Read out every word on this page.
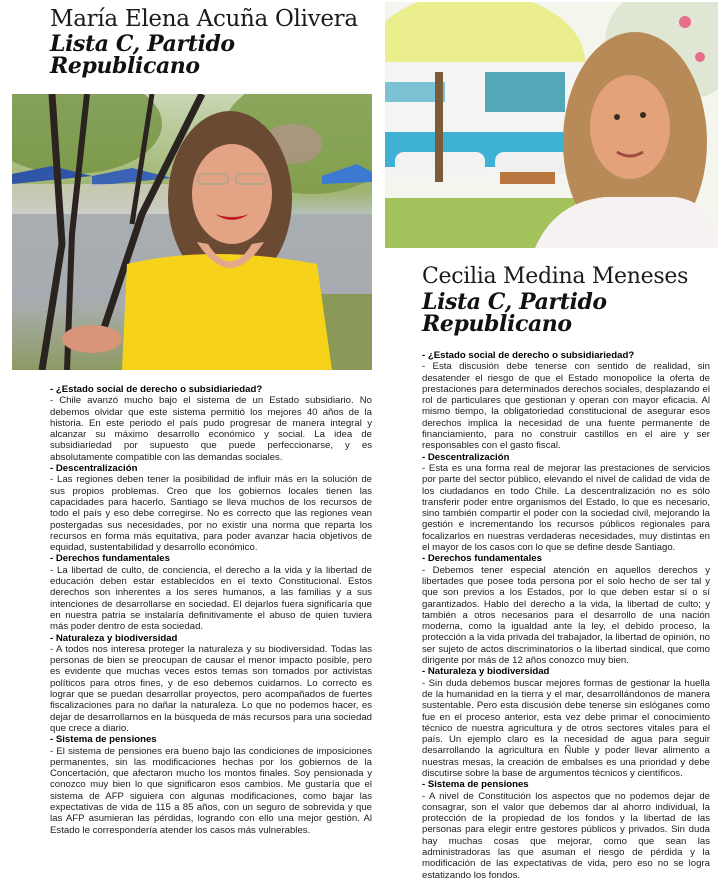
María Elena Acuña Olivera
Lista C, Partido
Republicano
Cecilia Medina Meneses
Lista C, Partido
Republicano
- ¿Estado social de derecho o subsidiariedad?
- Chile avanzó mucho bajo el sistema de un Estado subsidiario. No debemos olvidar que este sistema permitió los mejores 40 años de la historia. En este periodo el país pudo progresar de manera integral y alcanzar su máximo desarrollo económico y social. La idea de subsidiariedad por supuesto que puede perfeccionarse, y es absolutamente compatible con las demandas sociales.
- Descentralización
- Las regiones deben tener la posibilidad de influir más en la solución de sus propios problemas. Creo que los gobiernos locales tienen las capacidades para hacerlo. Santiago se lleva muchos de los recursos de todo el país y eso debe corregirse. No es correcto que las regiones vean postergadas sus necesidades, por no existir una norma que reparta los recursos en forma más equitativa, para poder avanzar hacia objetivos de equidad, sustentabilidad y desarrollo económico.
- Derechos fundamentales
- La libertad de culto, de conciencia, el derecho a la vida y la libertad de educación deben estar establecidos en el texto Constitucional. Estos derechos son inherentes a los seres humanos, a las familias y a sus intenciones de desarrollarse en sociedad. El dejarlos fuera significaría que en nuestra patria se instalaría definitivamente el abuso de quien tuviera más poder dentro de esta sociedad.
- Naturaleza y biodiversidad
- A todos nos interesa proteger la naturaleza y su biodiversidad. Todas las personas de bien se preocupan de causar el menor impacto posible, pero es evidente que muchas veces estos temas son tomados por activistas políticos para otros fines, y de eso debemos cuidarnos. Lo correcto es lograr que se puedan desarrollar proyectos, pero acompañados de fuertes fiscalizaciones para no dañar la naturaleza. Lo que no podemos hacer, es dejar de desarrollarnos en la búsqueda de más recursos para una sociedad que crece a diario.
- Sistema de pensiones
- El sistema de pensiones era bueno bajo las condiciones de imposiciones permanentes, sin las modificaciones hechas por los gobiernos de la Concertación, que afectaron mucho los montos finales. Soy pensionada y conozco muy bien lo que significaron esos cambios. Me gustaría que el sistema de AFP siguiera con algunas modificaciones, como bajar las expectativas de vida de 115 a 85 años, con un seguro de sobrevida y que las AFP asumieran las pérdidas, logrando con ello una mejor gestión. Al Estado le correspondería atender los casos más vulnerables.
- ¿Estado social de derecho o subsidiariedad?
- Esta discusión debe tenerse con sentido de realidad, sin desatender el riesgo de que el Estado monopolice la oferta de prestaciones para determinados derechos sociales, desplazando el rol de particulares que gestionan y operan con mayor eficacia. Al mismo tiempo, la obligatoriedad constitucional de asegurar esos derechos implica la necesidad de una fuente permanente de financiamiento, para no construir castillos en el aire y ser responsables con el gasto fiscal.
- Descentralización
- Esta es una forma real de mejorar las prestaciones de servicios por parte del sector público, elevando el nivel de calidad de vida de los ciudadanos en todo Chile. La descentralización no es sólo transferir poder entre organismos del Estado, lo que es necesario, sino también compartir el poder con la sociedad civil, mejorando la gestión e incrementando los recursos públicos regionales para focalizarlos en nuestras verdaderas necesidades, muy distintas en el mayor de los casos con lo que se define desde Santiago.
- Derechos fundamentales
- Debemos tener especial atención en aquellos derechos y libertades que posee toda persona por el solo hecho de ser tal y que son previos a los Estados, por lo que deben estar sí o sí garantizados. Hablo del derecho a la vida, la libertad de culto; y también a otros necesarios para el desarrollo de una nación moderna, como la igualdad ante la ley, el debido proceso, la protección a la vida privada del trabajador, la libertad de opinión, no ser sujeto de actos discriminatorios o la libertad sindical, que como dirigente por más de 12 años conozco muy bien.
- Naturaleza y biodiversidad
- Sin duda debemos buscar mejores formas de gestionar la huella de la humanidad en la tierra y el mar, desarrollándonos de manera sustentable. Pero esta discusión debe tenerse sin eslóganes como fue en el proceso anterior, esta vez debe primar el conocimiento técnico de nuestra agricultura y de otros sectores vitales para el país. Un ejemplo claro es la necesidad de agua para seguir desarrollando la agricultura en Ñuble y poder llevar alimento a nuestras mesas, la creación de embalses es una prioridad y debe discutirse sobre la base de argumentos técnicos y científicos.
- Sistema de pensiones
- A nivel de Constitución los aspectos que no podemos dejar de consagrar, son el valor que debemos dar al ahorro individual, la protección de la propiedad de los fondos y la libertad de las personas para elegir entre gestores públicos y privados. Sin duda hay muchas cosas que mejorar, como que sean las administradoras las que asuman el riesgo de pérdida y la modificación de las expectativas de vida, pero eso no se logra estatizando los fondos.
